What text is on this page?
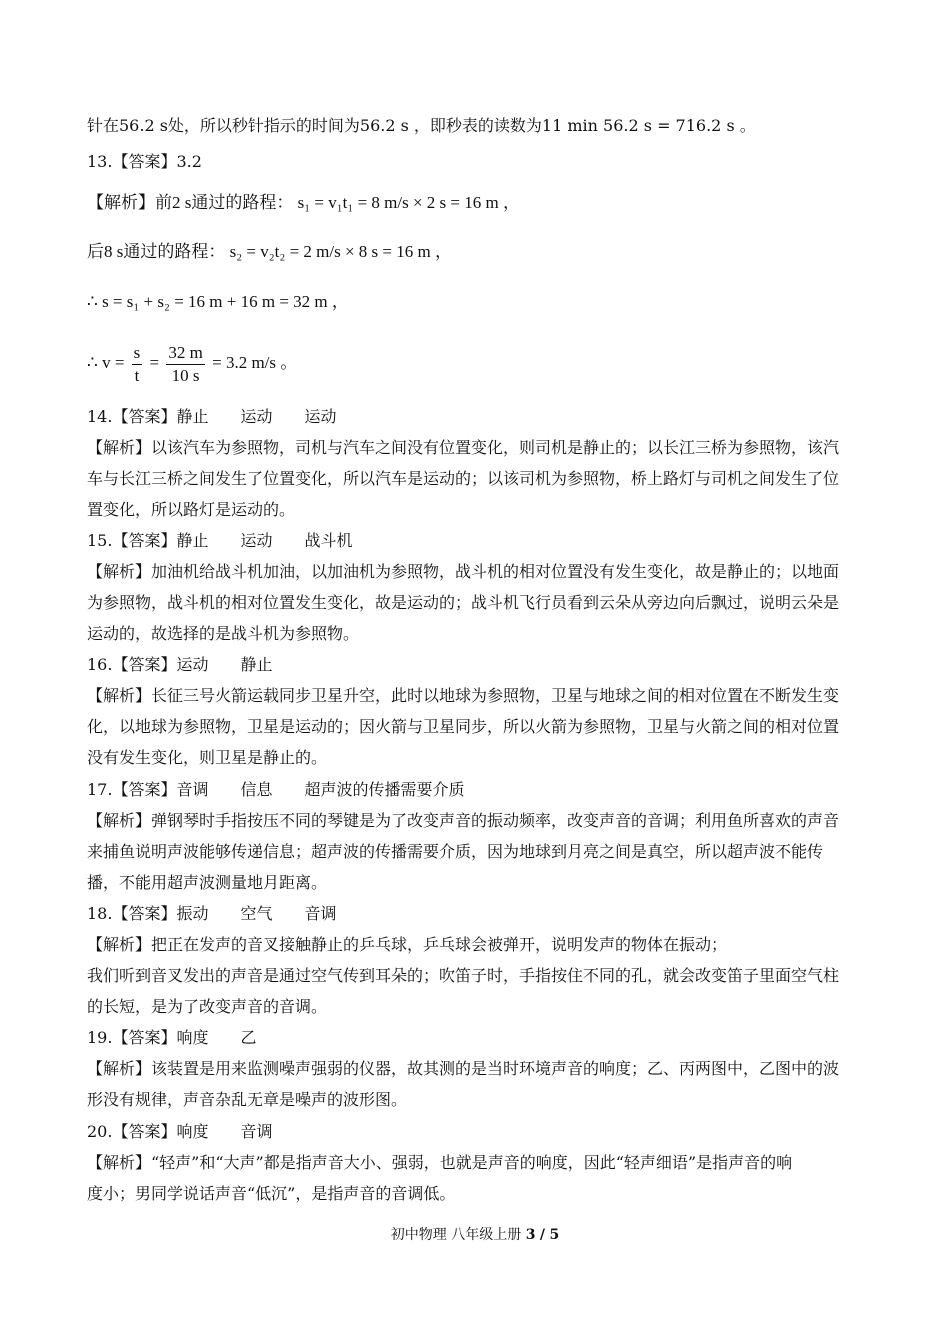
针在56.2 s处，所以秒针指示的时间为56.2 s ，即秒表的读数为11 min 56.2 s = 716.2 s 。
13.【答案】3.2
【解析】前2 s通过的路程： s₁ = v₁t₁ = 8 m/s × 2 s = 16 m ，
后8 s通过的路程： s₂ = v₂t₂ = 2 m/s × 8 s = 16 m ，
∴ s = s₁ + s₂ = 16 m + 16 m = 32 m ，
∴ $v = \frac{s}{t} = \frac{32 m}{10 s} = 3.2$ m/s 。
14.【答案】静止　　运动　　运动
【解析】以该汽车为参照物，司机与汽车之间没有位置变化，则司机是静止的；以长江三桥为参照物，该汽
车与长江三桥之间发生了位置变化，所以汽车是运动的；以该司机为参照物，桥上路灯与司机之间发生了位
置变化，所以路灯是运动的。
15.【答案】静止　　运动　　战斗机
【解析】加油机给战斗机加油，以加油机为参照物，战斗机的相对位置没有发生变化，故是静止的；以地面
为参照物，战斗机的相对位置发生变化，故是运动的；战斗机飞行员看到云朵从旁边向后飘过，说明云朵是
运动的，故选择的是战斗机为参照物。
16.【答案】运动　　静止
【解析】长征三号火箭运载同步卫星升空，此时以地球为参照物，卫星与地球之间的相对位置在不断发生变
化，以地球为参照物，卫星是运动的；因火箭与卫星同步，所以火箭为参照物，卫星与火箭之间的相对位置
没有发生变化，则卫星是静止的。
17.【答案】音调　　信息　　超声波的传播需要介质
【解析】弹钢琴时手指按压不同的琴键是为了改变声音的振动频率，改变声音的音调；利用鱼所喜欢的声音
来捕鱼说明声波能够传递信息；超声波的传播需要介质，因为地球到月亮之间是真空，所以超声波不能传
播，不能用超声波测量地月距离。
18.【答案】振动　　空气　　音调
【解析】把正在发声的音叉接触静止的乒乓球，乒乓球会被弹开，说明发声的物体在振动；
我们听到音叉发出的声音是通过空气传到耳朵的；吹笛子时，手指按住不同的孔，就会改变笛子里面空气柱
的长短，是为了改变声音的音调。
19.【答案】响度　　乙
【解析】该装置是用来监测噪声强弱的仪器，故其测的是当时环境声音的响度；乙、丙两图中，乙图中的波
形没有规律，声音杂乱无章是噪声的波形图。
20.【答案】响度　　音调
【解析】“轻声”和“大声”都是指声音大小、强弱，也就是声音的响度，因此“轻声细语”是指声音的响
度小；男同学说话声音“低沉”，是指声音的音调低。
初中物理 八年级上册 3 / 5
